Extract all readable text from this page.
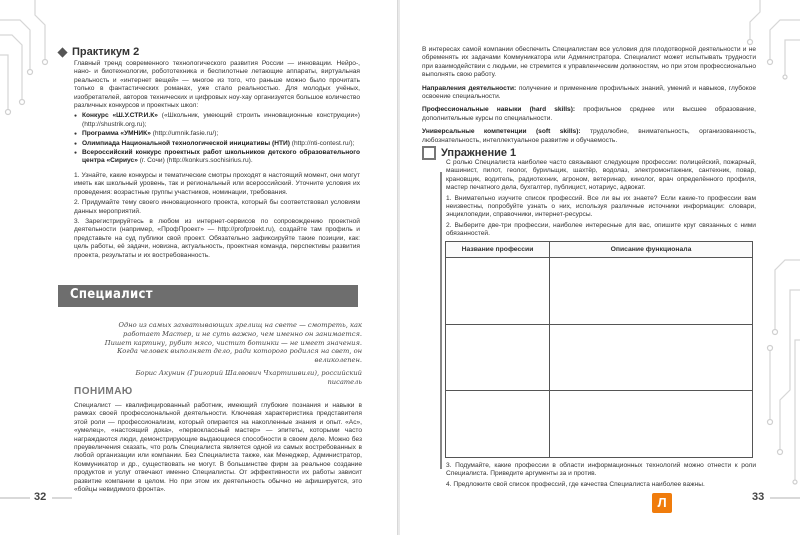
Практикум 2

Главный тренд современного технологического развития России — инновации. Нейро-, нано- и биотехнологии, робототехника и беспилотные летающие аппараты, виртуальная реальность и «интернет вещей» — многое из того, что раньше можно было прочитать только в фантастических романах, уже стало реальностью. Для молодых учёных, изобретателей, авторов технических и цифровых ноу-хау организуется большое количество различных конкурсов и проектных школ:

● Конкурс «Ш.У.СТР.И.К» («Школьник, умеющий строить инновационные конструкции») (http://shustrik.org.ru);
● Программа «УМНИК» (http://umnik.fasie.ru/);
● Олимпиада Национальной технологической инициативы (НТИ) (http://nti-contest.ru/);
● Всероссийский конкурс проектных работ школьников детского образовательного центра «Сириус» (г. Сочи) (http://konkurs.sochisirius.ru).

1. Узнайте, какие конкурсы и тематические смотры проходят в настоящий момент, они могут иметь как школьный уровень, так и региональный или всероссийский. Уточните условия их проведения: возрастные группы участников, номинации, требования.

2. Придумайте тему своего инновационного проекта, который бы соответствовал условиям данных мероприятий.

3. Зарегистрируйтесь в любом из интернет-сервисов по сопровождению проектной деятельности (например, «ПрофПроект» — http://profproekt.ru), создайте там профиль и представьте на суд публики свой проект. Обязательно зафиксируйте такие позиции, как: цель работы, её задачи, новизна, актуальность, проектная команда, перспективы развития проекта, результаты и их востребованность.

Специалист
Одно из самых захватывающих зрелищ на свете — смотреть, как работает Мастер, и не суть важно, чем именно он занимается. Пишет картину, рубит мясо, чистит ботинки — не имеет значения. Когда человек выполняет дело, ради которого родился на свет, он великолепен.
Борис Акунин (Григорий Шалвович Чхартишвили), российский писатель
ПОНИМАЮ
Специалист — квалифицированный работник, имеющий глубокие познания и навыки в рамках своей профессиональной деятельности. Ключевая характеристика представителя этой роли — профессионализм, который опирается на накопленные знания и опыт. «Ас», «умелец», «настоящий дока», «первоклассный мастер» — эпитеты, которыми часто награждаются люди, демонстрирующие выдающиеся способности в своем деле. Можно без преувеличения сказать, что роль Специалиста является одной из самых востребованных в любой организации или компании. Без Специалиста также, как Менеджер, Администратор, Коммуникатор и др., существовать не могут. В большинстве фирм за реальное создание продуктов и услуг отвечают именно Специалисты. От эффективности их работы зависит развитие компании в целом. Но при этом их деятельность обычно не афишируется, это «бойцы невидимого фронта».
32

В интересах самой компании обеспечить Специалистам все условия для плодотворной деятельности и не обременять их задачами Коммуникатора или Администратора. Специалист может испытывать трудности при взаимодействии с людьми, не стремится к управленческим должностям, но при этом профессионально выполнять свою работу.

Направления деятельности: получение и применение профильных знаний, умений и навыков, глубокое освоение специальности.

Профессиональные навыки (hard skills): профильное среднее или высшее образование, дополнительные курсы по специальности.

Универсальные компетенции (soft skills): трудолюбие, внимательность, организованность, любознательность, интеллектуальное развитие и обучаемость.

Упражнение 1

С ролью Специалиста наиболее часто связывают следующие профессии: полицейский, пожарный, машинист, пилот, геолог, бурильщик, шахтёр, водолаз, электромонтажник, сантехник, повар, крановщик, водитель, радиотехник, агроном, ветеринар, кинолог, врач определённого профиля, мастер печатного дела, бухгалтер, публицист, нотариус, адвокат.

1. Внимательно изучите список профессий. Все ли вы их знаете? Если какие-то профессии вам неизвестны, попробуйте узнать о них, используя различные источники информации: словари, энциклопедии, справочники, интернет-ресурсы.

2. Выберите две-три профессии, наиболее интересные для вас, опишите круг связанных с ними обязанностей.

3. Подумайте, какие профессии в области информационных технологий можно отнести к роли Специалиста. Приведите аргументы за и против.

4. Предложите свой список профессий, где качества Специалиста наиболее важны.

33
Название профессии	Описание функционала

Л
